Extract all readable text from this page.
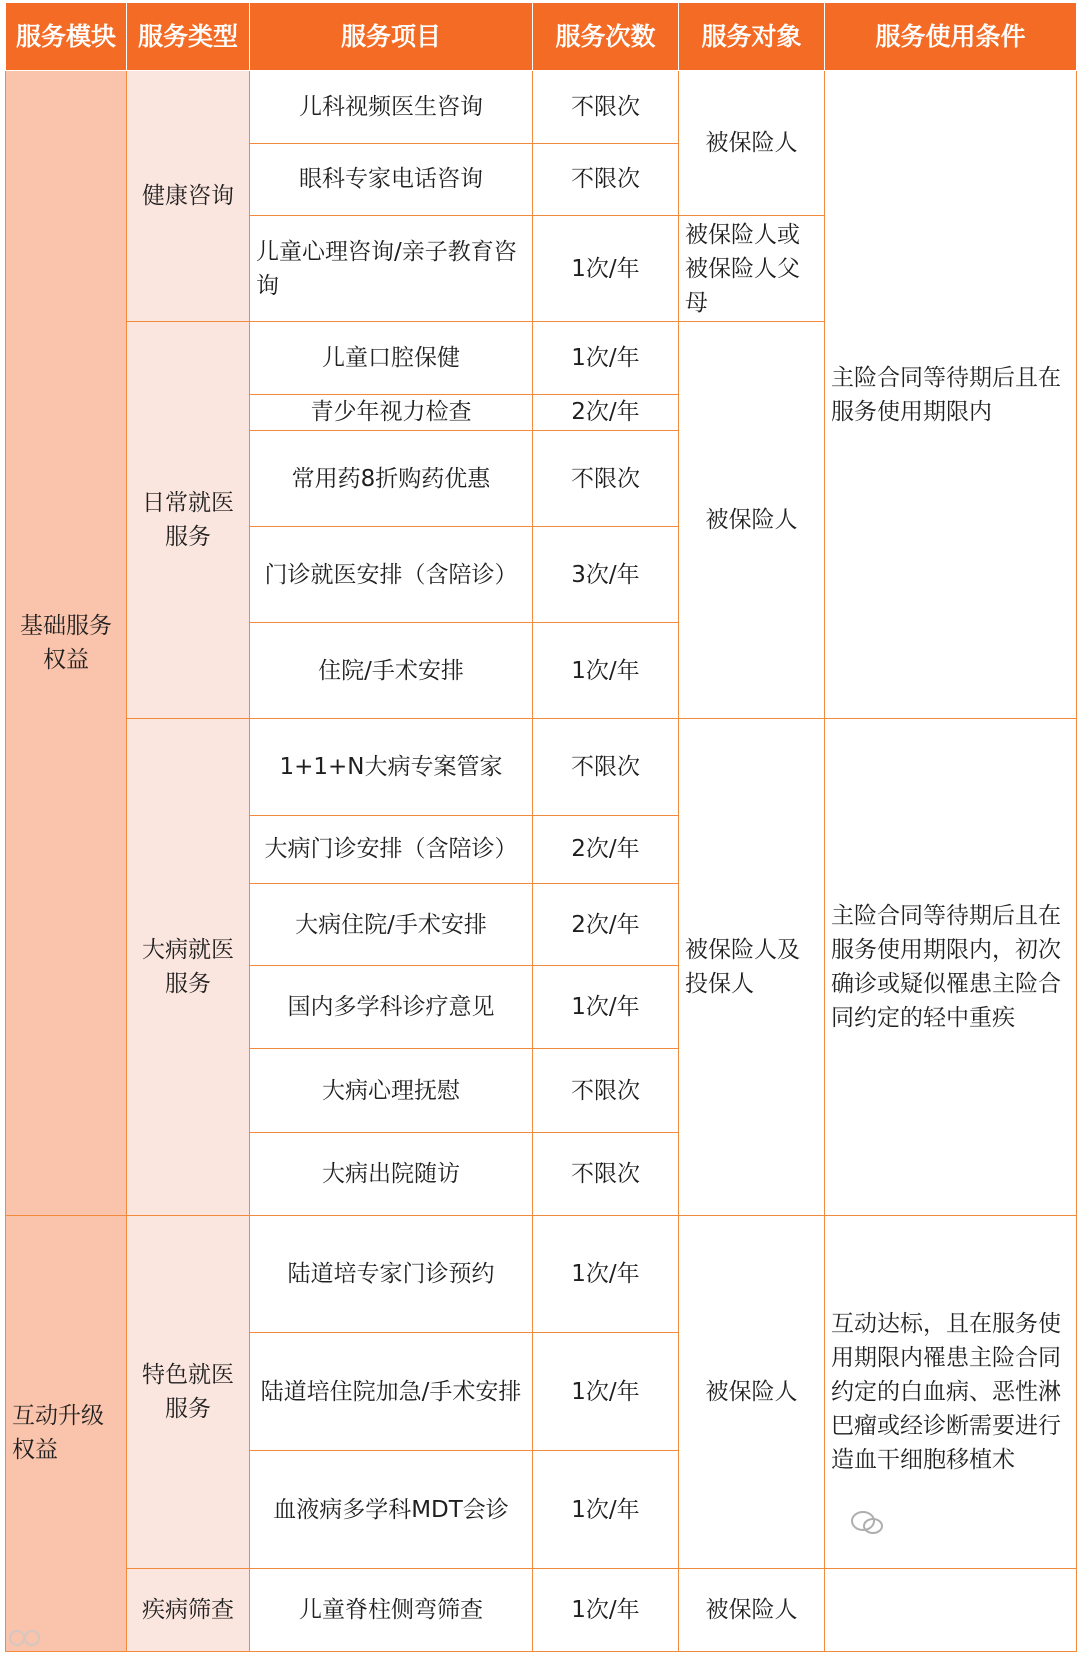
服务模块	服务类型	服务项目	服务次数	服务对象	服务使用条件
基础服务权益	健康咨询	儿科视频医生咨询	不限次	被保险人	主险合同等待期后且在服务使用期限内
		眼科专家电话咨询	不限次		
		儿童心理咨询/亲子教育咨询	1次/年	被保险人或被保险人父母	
	日常就医服务	儿童口腔保健	1次/年	被保险人	
		青少年视力检查	2次/年		
		常用药8折购药优惠	不限次		
		门诊就医安排（含陪诊）	3次/年		
		住院/手术安排	1次/年		
	大病就医服务	1+1+N大病专案管家	不限次	被保险人及投保人	主险合同等待期后且在服务使用期限内，初次确诊或疑似罹患主险合同约定的轻中重疾
		大病门诊安排（含陪诊）	2次/年		
		大病住院/手术安排	2次/年		
		国内多学科诊疗意见	1次/年		
		大病心理抚慰	不限次		
		大病出院随访	不限次		
互动升级权益	特色就医服务	陆道培专家门诊预约	1次/年	被保险人	互动达标，且在服务使用期限内罹患主险合同约定的白血病、恶性淋巴瘤或经诊断需要进行造血干细胞移植术
		陆道培住院加急/手术安排	1次/年		
		血液病多学科MDT会诊	1次/年		
	疾病筛查	儿童脊柱侧弯筛查	1次/年	被保险人	
